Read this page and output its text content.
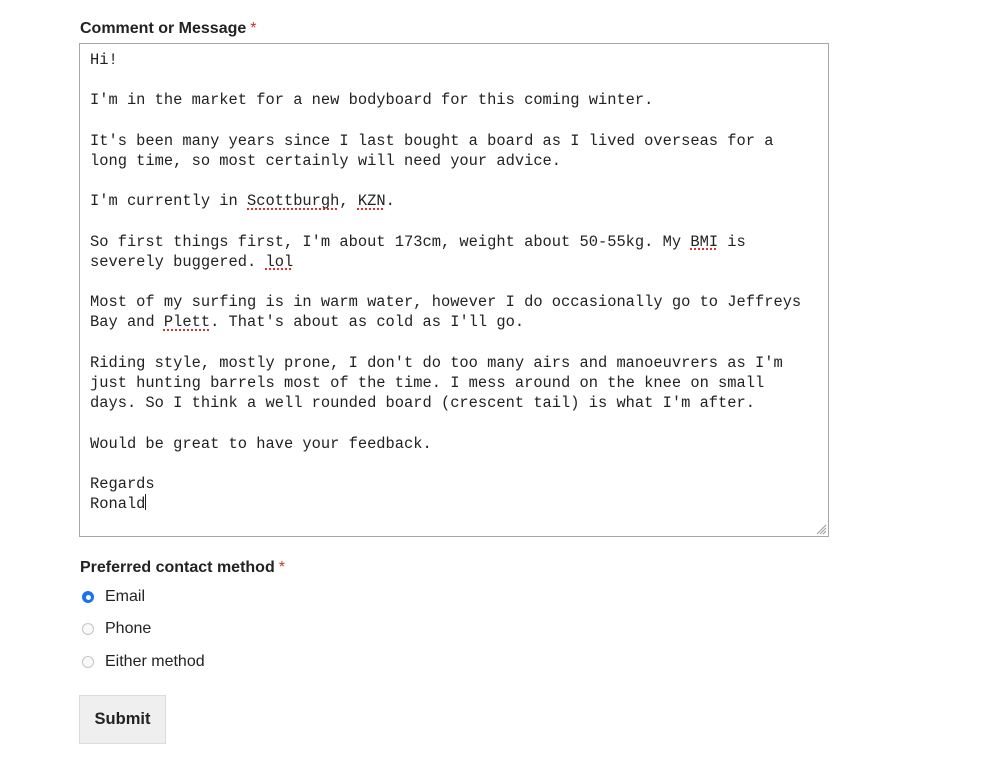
Comment or Message *
Hi!
I'm in the market for a new bodyboard for this coming winter.
It's been many years since I last bought a board as I lived overseas for a
long time, so most certainly will need your advice.
I'm currently in Scottburgh, KZN.
So first things first, I'm about 173cm, weight about 50-55kg. My BMI is
severely buggered. lol
Most of my surfing is in warm water, however I do occasionally go to Jeffreys
Bay and Plett. That's about as cold as I'll go.
Riding style, mostly prone, I don't do too many airs and manoeuvrers as I'm
just hunting barrels most of the time. I mess around on the knee on small
days. So I think a well rounded board (crescent tail) is what I'm after.
Would be great to have your feedback.
Regards
Ronald
Preferred contact method *
Email
Phone
Either method
Submit
